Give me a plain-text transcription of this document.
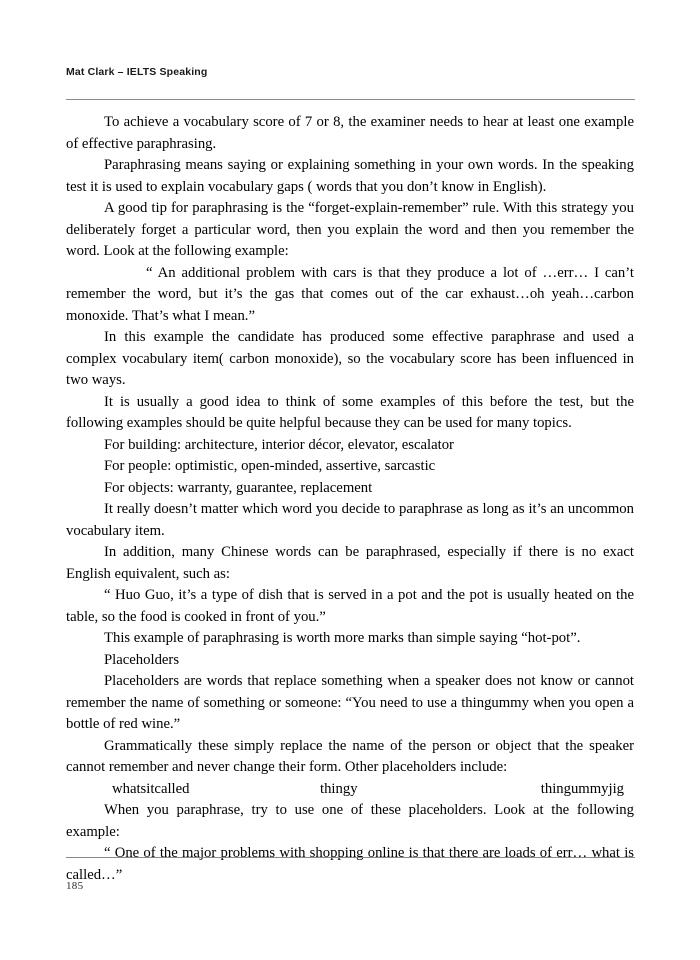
Mat Clark – IELTS Speaking

To achieve a vocabulary score of 7 or 8, the examiner needs to hear at least one example of effective paraphrasing.

Paraphrasing means saying or explaining something in your own words. In the speaking test it is used to explain vocabulary gaps ( words that you don’t know in English).

A good tip for paraphrasing is the “forget-explain-remember” rule. With this strategy you deliberately forget a particular word, then you explain the word and then you remember the word. Look at the following example:

“ An additional problem with cars is that they produce a lot of …err… I can’t remember the word, but it’s the gas that comes out of the car exhaust…oh yeah…carbon monoxide. That’s what I mean.”

In this example the candidate has produced some effective paraphrase and used a complex vocabulary item( carbon monoxide), so the vocabulary score has been influenced in two ways.

It is usually a good idea to think of some examples of this before the test, but the following examples should be quite helpful because they can be used for many topics.

For building: architecture, interior décor, elevator, escalator

For people: optimistic, open-minded, assertive, sarcastic

For objects: warranty, guarantee, replacement

It really doesn’t matter which word you decide to paraphrase as long as it’s an uncommon vocabulary item.

In addition, many Chinese words can be paraphrased, especially if there is no exact English equivalent, such as:

“ Huo Guo, it’s a type of dish that is served in a pot and the pot is usually heated on the table, so the food is cooked in front of you.”

This example of paraphrasing is worth more marks than simple saying “hot-pot”.

Placeholders

Placeholders are words that replace something when a speaker does not know or cannot remember the name of something or someone: “You need to use a thingummy when you open a bottle of red wine.”

Grammatically these simply replace the name of the person or object that the speaker cannot remember and never change their form. Other placeholders include:

whatsitcalled	thingy	thingummyjig

When you paraphrase, try to use one of these placeholders. Look at the following example:

“ One of the major problems with shopping online is that there are loads of err… what is called…”

185
